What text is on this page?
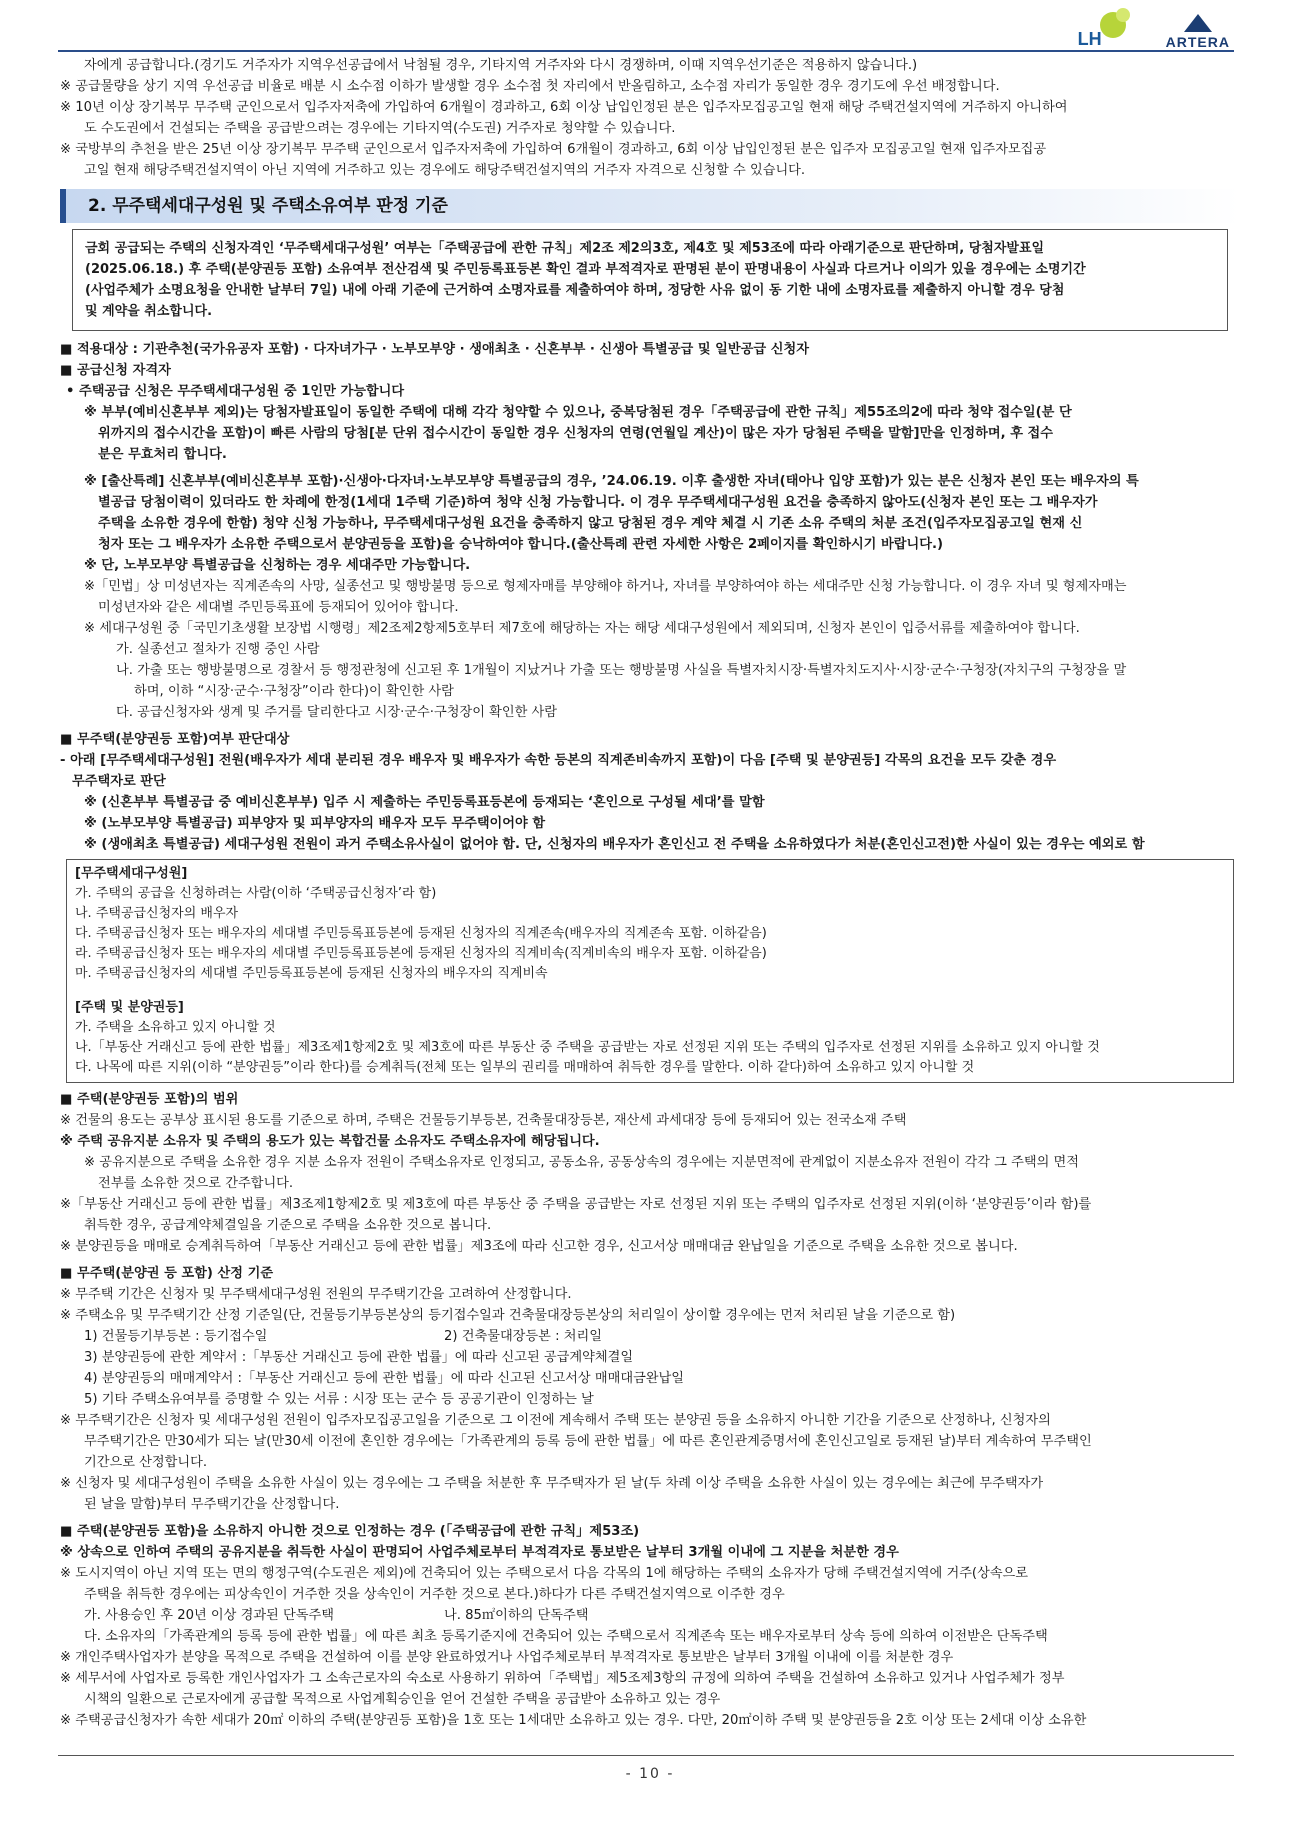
LH	ARTERA
자에게 공급합니다.(경기도 거주자가 지역우선공급에서 낙첨될 경우, 기타지역 거주자와 다시 경쟁하며, 이때 지역우선기준은 적용하지 않습니다.)
※ 공급물량을 상기 지역 우선공급 비율로 배분 시 소수점 이하가 발생할 경우 소수점 첫 자리에서 반올림하고, 소수점 자리가 동일한 경우 경기도에 우선 배정합니다.
※ 10년 이상 장기복무 무주택 군인으로서 입주자저축에 가입하여 6개월이 경과하고, 6회 이상 납입인정된 분은 입주자모집공고일 현재 해당 주택건설지역에 거주하지 아니하여
도 수도권에서 건설되는 주택을 공급받으려는 경우에는 기타지역(수도권) 거주자로 청약할 수 있습니다.
※ 국방부의 추천을 받은 25년 이상 장기복무 무주택 군인으로서 입주자저축에 가입하여 6개월이 경과하고, 6회 이상 납입인정된 분은 입주자 모집공고일 현재 입주자모집공
고일 현재 해당주택건설지역이 아닌 지역에 거주하고 있는 경우에도 해당주택건설지역의 거주자 자격으로 신청할 수 있습니다.
2. 무주택세대구성원 및 주택소유여부 판정 기준
금회 공급되는 주택의 신청자격인 ‘무주택세대구성원’ 여부는「주택공급에 관한 규칙」제2조 제2의3호, 제4호 및 제53조에 따라 아래기준으로 판단하며, 당첨자발표일
(2025.06.18.) 후 주택(분양권등 포함) 소유여부 전산검색 및 주민등록표등본 확인 결과 부적격자로 판명된 분이 판명내용이 사실과 다르거나 이의가 있을 경우에는 소명기간
(사업주체가 소명요청을 안내한 날부터 7일) 내에 아래 기준에 근거하여 소명자료를 제출하여야 하며, 정당한 사유 없이 동 기한 내에 소명자료를 제출하지 아니할 경우 당첨
및 계약을 취소합니다.
■ 적용대상 : 기관추천(국가유공자 포함) · 다자녀가구 · 노부모부양 · 생애최초 · 신혼부부 · 신생아 특별공급 및 일반공급 신청자
■ 공급신청 자격자
• 주택공급 신청은 무주택세대구성원 중 1인만 가능합니다
※ 부부(예비신혼부부 제외)는 당첨자발표일이 동일한 주택에 대해 각각 청약할 수 있으나, 중복당첨된 경우「주택공급에 관한 규칙」제55조의2에 따라 청약 접수일(분 단
위까지의 접수시간을 포함)이 빠른 사람의 당첨[분 단위 접수시간이 동일한 경우 신청자의 연령(연월일 계산)이 많은 자가 당첨된 주택을 말함]만을 인정하며, 후 접수
분은 무효처리 합니다.
※ [출산특례] 신혼부부(예비신혼부부 포함)·신생아·다자녀·노부모부양 특별공급의 경우, ’24.06.19. 이후 출생한 자녀(태아나 입양 포함)가 있는 분은 신청자 본인 또는 배우자의 특
별공급 당첨이력이 있더라도 한 차례에 한정(1세대 1주택 기준)하여 청약 신청 가능합니다. 이 경우 무주택세대구성원 요건을 충족하지 않아도(신청자 본인 또는 그 배우자가
주택을 소유한 경우에 한함) 청약 신청 가능하나, 무주택세대구성원 요건을 충족하지 않고 당첨된 경우 계약 체결 시 기존 소유 주택의 처분 조건(입주자모집공고일 현재 신
청자 또는 그 배우자가 소유한 주택으로서 분양권등을 포함)을 승낙하여야 합니다.(출산특례 관련 자세한 사항은 2페이지를 확인하시기 바랍니다.)
※ 단, 노부모부양 특별공급을 신청하는 경우 세대주만 가능합니다.
※「민법」상 미성년자는 직계존속의 사망, 실종선고 및 행방불명 등으로 형제자매를 부양해야 하거나, 자녀를 부양하여야 하는 세대주만 신청 가능합니다. 이 경우 자녀 및 형제자매는
미성년자와 같은 세대별 주민등록표에 등재되어 있어야 합니다.
※ 세대구성원 중「국민기초생활 보장법 시행령」제2조제2항제5호부터 제7호에 해당하는 자는 해당 세대구성원에서 제외되며, 신청자 본인이 입증서류를 제출하여야 합니다.
가. 실종선고 절차가 진행 중인 사람
나. 가출 또는 행방불명으로 경찰서 등 행정관청에 신고된 후 1개월이 지났거나 가출 또는 행방불명 사실을 특별자치시장·특별자치도지사·시장·군수·구청장(자치구의 구청장을 말
하며, 이하 “시장·군수·구청장”이라 한다)이 확인한 사람
다. 공급신청자와 생계 및 주거를 달리한다고 시장·군수·구청장이 확인한 사람
■ 무주택(분양권등 포함)여부 판단대상
- 아래 [무주택세대구성원] 전원(배우자가 세대 분리된 경우 배우자 및 배우자가 속한 등본의 직계존비속까지 포함)이 다음 [주택 및 분양권등] 각목의 요건을 모두 갖춘 경우
무주택자로 판단
※ (신혼부부 특별공급 중 예비신혼부부) 입주 시 제출하는 주민등록표등본에 등재되는 ‘혼인으로 구성될 세대’를 말함
※ (노부모부양 특별공급) 피부양자 및 피부양자의 배우자 모두 무주택이어야 함
※ (생애최초 특별공급) 세대구성원 전원이 과거 주택소유사실이 없어야 함. 단, 신청자의 배우자가 혼인신고 전 주택을 소유하였다가 처분(혼인신고전)한 사실이 있는 경우는 예외로 함
[무주택세대구성원]
가. 주택의 공급을 신청하려는 사람(이하 ‘주택공급신청자’라 함)
나. 주택공급신청자의 배우자
다. 주택공급신청자 또는 배우자의 세대별 주민등록표등본에 등재된 신청자의 직계존속(배우자의 직계존속 포함. 이하같음)
라. 주택공급신청자 또는 배우자의 세대별 주민등록표등본에 등재된 신청자의 직계비속(직계비속의 배우자 포함. 이하같음)
마. 주택공급신청자의 세대별 주민등록표등본에 등재된 신청자의 배우자의 직계비속
[주택 및 분양권등]
가. 주택을 소유하고 있지 아니할 것
나.「부동산 거래신고 등에 관한 법률」제3조제1항제2호 및 제3호에 따른 부동산 중 주택을 공급받는 자로 선정된 지위 또는 주택의 입주자로 선정된 지위를 소유하고 있지 아니할 것
다. 나목에 따른 지위(이하 “분양권등”이라 한다)를 승계취득(전체 또는 일부의 권리를 매매하여 취득한 경우를 말한다. 이하 같다)하여 소유하고 있지 아니할 것
■ 주택(분양권등 포함)의 범위
※ 건물의 용도는 공부상 표시된 용도를 기준으로 하며, 주택은 건물등기부등본, 건축물대장등본, 재산세 과세대장 등에 등재되어 있는 전국소재 주택
※ 주택 공유지분 소유자 및 주택의 용도가 있는 복합건물 소유자도 주택소유자에 해당됩니다.
※ 공유지분으로 주택을 소유한 경우 지분 소유자 전원이 주택소유자로 인정되고, 공동소유, 공동상속의 경우에는 지분면적에 관계없이 지분소유자 전원이 각각 그 주택의 면적
전부를 소유한 것으로 간주합니다.
※「부동산 거래신고 등에 관한 법률」제3조제1항제2호 및 제3호에 따른 부동산 중 주택을 공급받는 자로 선정된 지위 또는 주택의 입주자로 선정된 지위(이하 ‘분양권등’이라 함)를
취득한 경우, 공급계약체결일을 기준으로 주택을 소유한 것으로 봅니다.
※ 분양권등을 매매로 승계취득하여「부동산 거래신고 등에 관한 법률」제3조에 따라 신고한 경우, 신고서상 매매대금 완납일을 기준으로 주택을 소유한 것으로 봅니다.
■ 무주택(분양권 등 포함) 산정 기준
※ 무주택 기간은 신청자 및 무주택세대구성원 전원의 무주택기간을 고려하여 산정합니다.
※ 주택소유 및 무주택기간 산정 기준일(단, 건물등기부등본상의 등기접수일과 건축물대장등본상의 처리일이 상이할 경우에는 먼저 처리된 날을 기준으로 함)
1) 건물등기부등본 : 등기접수일	2) 건축물대장등본 : 처리일
3) 분양권등에 관한 계약서 :「부동산 거래신고 등에 관한 법률」에 따라 신고된 공급계약체결일
4) 분양권등의 매매계약서 :「부동산 거래신고 등에 관한 법률」에 따라 신고된 신고서상 매매대금완납일
5) 기타 주택소유여부를 증명할 수 있는 서류 : 시장 또는 군수 등 공공기관이 인정하는 날
※ 무주택기간은 신청자 및 세대구성원 전원이 입주자모집공고일을 기준으로 그 이전에 계속해서 주택 또는 분양권 등을 소유하지 아니한 기간을 기준으로 산정하나, 신청자의
무주택기간은 만30세가 되는 날(만30세 이전에 혼인한 경우에는「가족관계의 등록 등에 관한 법률」에 따른 혼인관계증명서에 혼인신고일로 등재된 날)부터 계속하여 무주택인
기간으로 산정합니다.
※ 신청자 및 세대구성원이 주택을 소유한 사실이 있는 경우에는 그 주택을 처분한 후 무주택자가 된 날(두 차례 이상 주택을 소유한 사실이 있는 경우에는 최근에 무주택자가
된 날을 말함)부터 무주택기간을 산정합니다.
■ 주택(분양권등 포함)을 소유하지 아니한 것으로 인정하는 경우 (「주택공급에 관한 규칙」제53조)
※ 상속으로 인하여 주택의 공유지분을 취득한 사실이 판명되어 사업주체로부터 부적격자로 통보받은 날부터 3개월 이내에 그 지분을 처분한 경우
※ 도시지역이 아닌 지역 또는 면의 행정구역(수도권은 제외)에 건축되어 있는 주택으로서 다음 각목의 1에 해당하는 주택의 소유자가 당해 주택건설지역에 거주(상속으로
주택을 취득한 경우에는 피상속인이 거주한 것을 상속인이 거주한 것으로 본다.)하다가 다른 주택건설지역으로 이주한 경우
가. 사용승인 후 20년 이상 경과된 단독주택	나. 85㎡이하의 단독주택
다. 소유자의「가족관계의 등록 등에 관한 법률」에 따른 최초 등록기준지에 건축되어 있는 주택으로서 직계존속 또는 배우자로부터 상속 등에 의하여 이전받은 단독주택
※ 개인주택사업자가 분양을 목적으로 주택을 건설하여 이를 분양 완료하였거나 사업주체로부터 부적격자로 통보받은 날부터 3개월 이내에 이를 처분한 경우
※ 세무서에 사업자로 등록한 개인사업자가 그 소속근로자의 숙소로 사용하기 위하여「주택법」제5조제3항의 규정에 의하여 주택을 건설하여 소유하고 있거나 사업주체가 정부
시책의 일환으로 근로자에게 공급할 목적으로 사업계획승인을 얻어 건설한 주택을 공급받아 소유하고 있는 경우
※ 주택공급신청자가 속한 세대가 20㎡ 이하의 주택(분양권등 포함)을 1호 또는 1세대만 소유하고 있는 경우. 다만, 20㎡이하 주택 및 분양권등을 2호 이상 또는 2세대 이상 소유한
- 10 -
